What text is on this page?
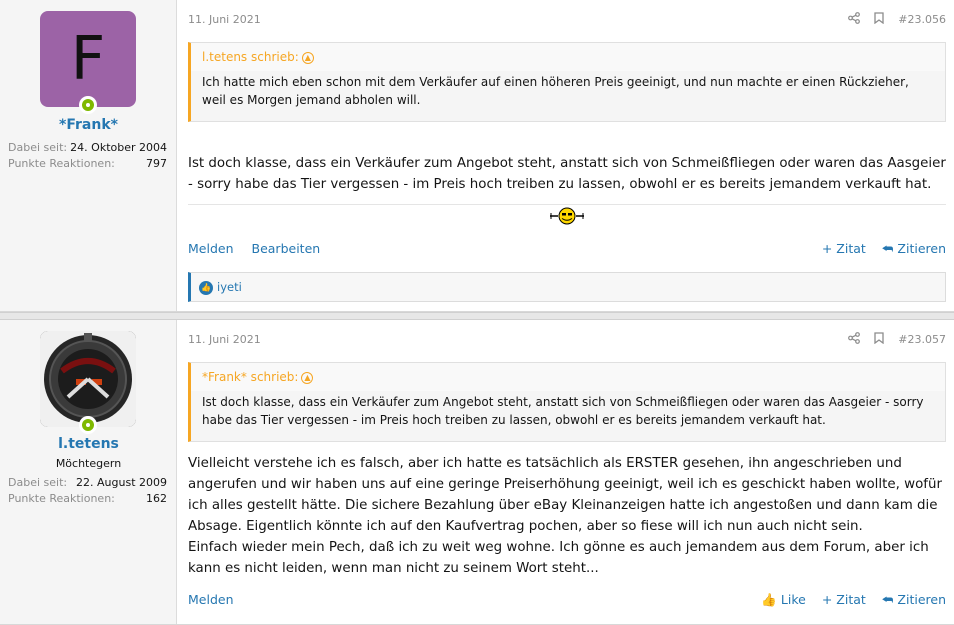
F
*Frank*
Dabei seit: 24. Oktober 2004
Punkte Reaktionen:	797
11. Juni 2021	#23.056
l.tetens schrieb: ▲
Ich hatte mich eben schon mit dem Verkäufer auf einen höheren Preis geeinigt, und nun machte er einen Rückzieher, weil es Morgen jemand abholen will.
Ist doch klasse, dass ein Verkäufer zum Angebot steht, anstatt sich von Schmeißfliegen oder waren das Aasgeier - sorry habe das Tier vergessen - im Preis hoch treiben zu lassen, obwohl er es bereits jemandem verkauft hat.
Melden Bearbeiten	+ Zitat ⮪ Zitieren
👍 iyeti
l.tetens
Möchtegern
Dabei seit: 22. August 2009
Punkte Reaktionen:	162
11. Juni 2021	#23.057
*Frank* schrieb: ▲
Ist doch klasse, dass ein Verkäufer zum Angebot steht, anstatt sich von Schmeißfliegen oder waren das Aasgeier - sorry habe das Tier vergessen - im Preis hoch treiben zu lassen, obwohl er es bereits jemandem verkauft hat.
Vielleicht verstehe ich es falsch, aber ich hatte es tatsächlich als ERSTER gesehen, ihn angeschrieben und angerufen und wir haben uns auf eine geringe Preiserhöhung geeinigt, weil ich es geschickt haben wollte, wofür ich alles gestellt hätte. Die sichere Bezahlung über eBay Kleinanzeigen hatte ich angestoßen und dann kam die Absage. Eigentlich könnte ich auf den Kaufvertrag pochen, aber so fiese will ich nun auch nicht sein.
Einfach wieder mein Pech, daß ich zu weit weg wohne. Ich gönne es auch jemandem aus dem Forum, aber ich kann es nicht leiden, wenn man nicht zu seinem Wort steht...
Melden	👍 Like + Zitat ⮪ Zitieren
